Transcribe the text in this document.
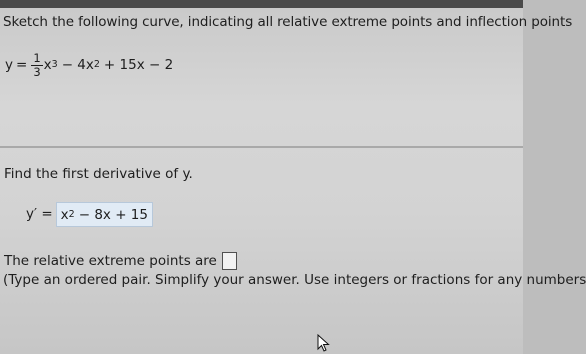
Sketch the following curve, indicating all relative extreme points and inflection points
$y = \frac{1}{3}$ x 3 − 4x 2 + 15x − 2
Find the first derivative of y.
y′ = x 2 − 8x + 15
The relative extreme points are
(Type an ordered pair. Simplify your answer. Use integers or fractions for any numbers
